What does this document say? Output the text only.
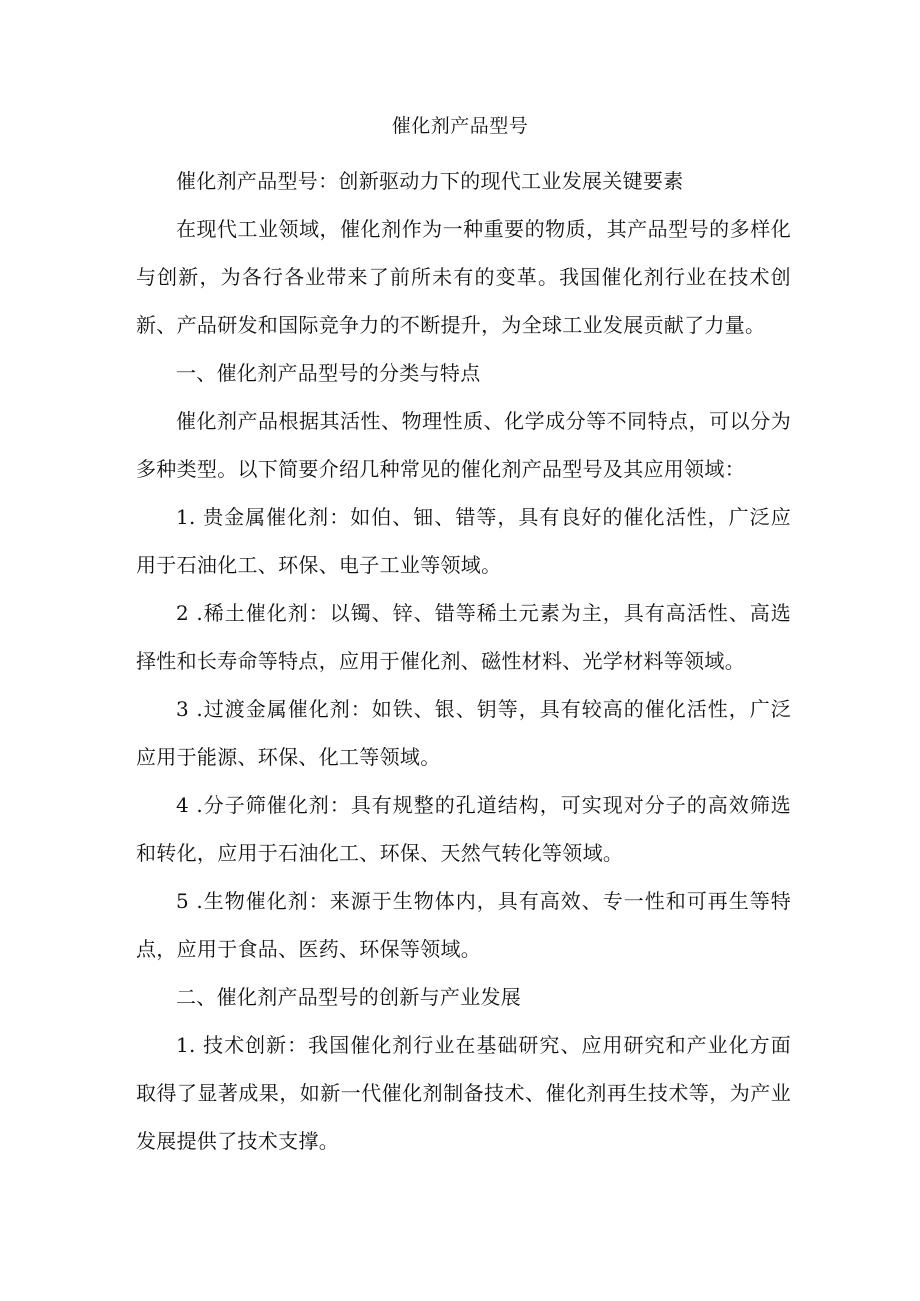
催化剂产品型号

催化剂产品型号：创新驱动力下的现代工业发展关键要素

在现代工业领域，催化剂作为一种重要的物质，其产品型号的多样化与创新，为各行各业带来了前所未有的变革。我国催化剂行业在技术创新、产品研发和国际竞争力的不断提升，为全球工业发展贡献了力量。

一、催化剂产品型号的分类与特点

催化剂产品根据其活性、物理性质、化学成分等不同特点，可以分为多种类型。以下简要介绍几种常见的催化剂产品型号及其应用领域：

1. 贵金属催化剂：如伯、钿、错等，具有良好的催化活性，广泛应用于石油化工、环保、电子工业等领域。

2 .稀土催化剂：以镯、锌、错等稀土元素为主，具有高活性、高选择性和长寿命等特点，应用于催化剂、磁性材料、光学材料等领域。

3 .过渡金属催化剂：如铁、银、钥等，具有较高的催化活性，广泛应用于能源、环保、化工等领域。

4 .分子筛催化剂：具有规整的孔道结构，可实现对分子的高效筛选和转化，应用于石油化工、环保、天然气转化等领域。

5 .生物催化剂：来源于生物体内，具有高效、专一性和可再生等特点，应用于食品、医药、环保等领域。

二、催化剂产品型号的创新与产业发展

1. 技术创新：我国催化剂行业在基础研究、应用研究和产业化方面取得了显著成果，如新一代催化剂制备技术、催化剂再生技术等，为产业发展提供了技术支撑。
